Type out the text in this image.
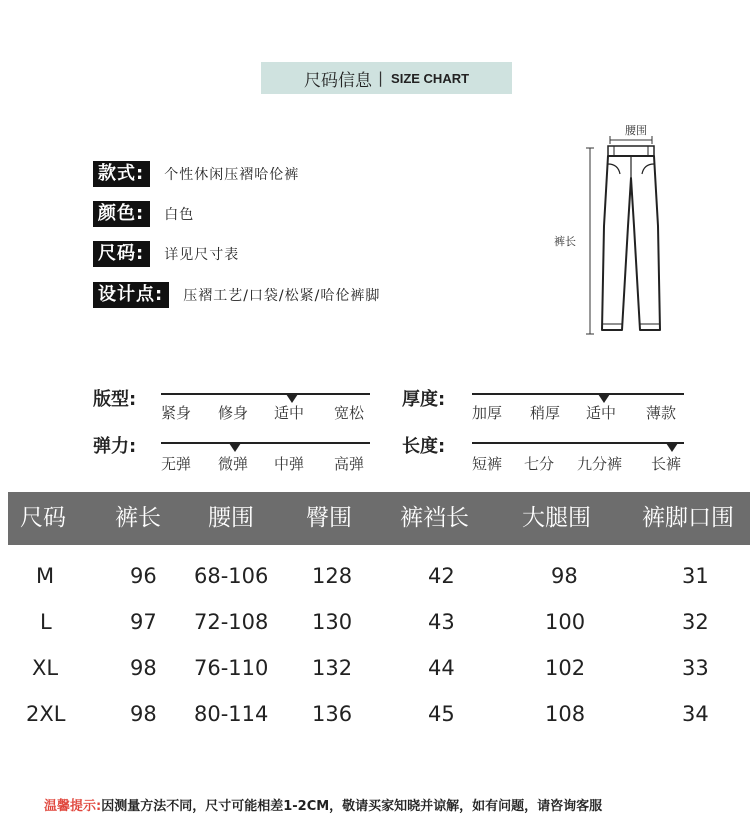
尺码信息 | SIZE CHART
款式:	个性休闲压褶哈伦裤
颜色:	白色
尺码:	详见尺寸表
设计点:	压褶工艺/口袋/松紧/哈伦裤脚
腰围
裤长
版型:
紧身 修身 适中 宽松
弹力:
无弹 微弹 中弹 高弹
厚度:
加厚 稍厚 适中 薄款
长度:
短裤 七分 九分裤 长裤
尺码 裤长 腰围 臀围 裤裆长 大腿围 裤脚口围
M	96 68-106 128	42	98	31
L	97 72-108 130	43	100	32
XL	98 76-110 132	44	102	33
2XL	98 80-114 136	45	108	34
温馨提示:因测量方法不同，尺寸可能相差1-2CM，敬请买家知晓并谅解，如有问题，请咨询客服
